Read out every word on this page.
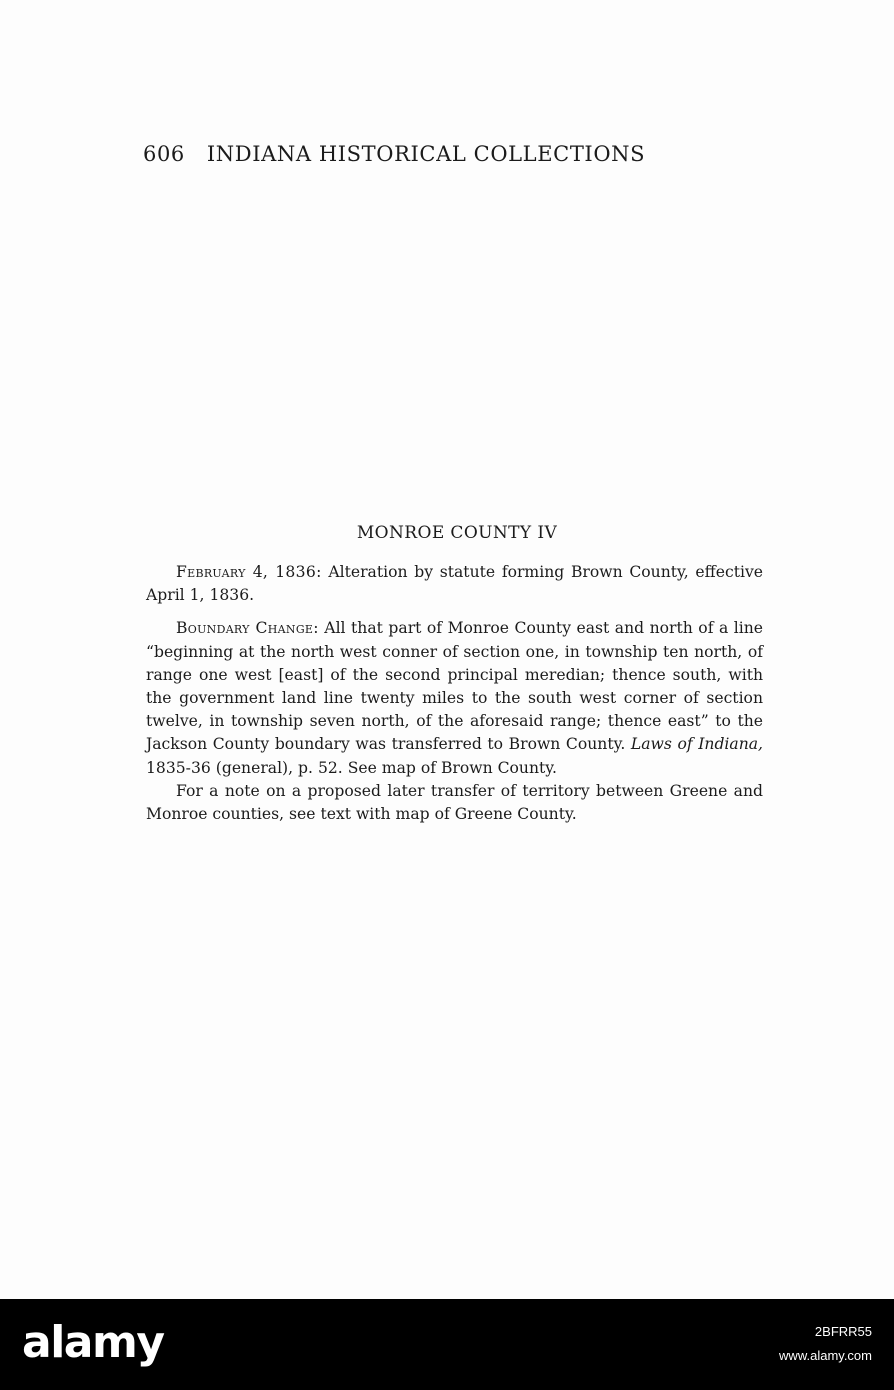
606 INDIANA HISTORICAL COLLECTIONS
MONROE COUNTY IV

February 4, 1836: Alteration by statute forming Brown County, effective April 1, 1836.

Boundary Change: All that part of Monroe County east and north of a line “beginning at the north west conner of section one, in township ten north, of range one west [east] of the second principal meredian; thence south, with the government land line twenty miles to the south west corner of section twelve, in township seven north, of the aforesaid range; thence east” to the Jackson County boundary was transferred to Brown County. Laws of Indiana, 1835-36 (general), p. 52. See map of Brown County.

For a note on a proposed later transfer of territory between Greene and Monroe counties, see text with map of Greene County.

alamy	2BFRR55
www.alamy.com
